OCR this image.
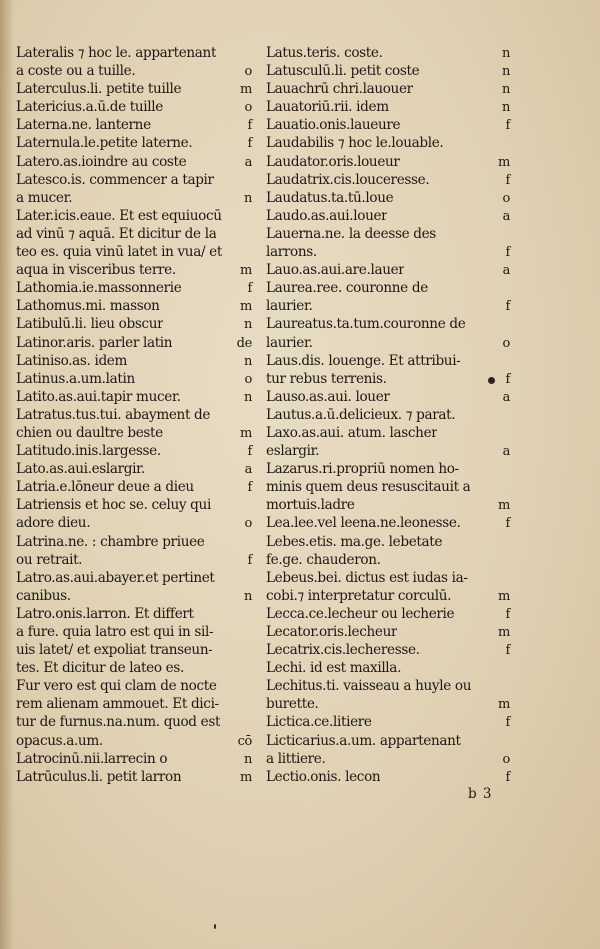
Lateralis ⁊ hoc le. appartenant
a coste ou a tuille.	o
Laterculus.li. petite tuille	m
Latericius.a.ū.de tuille	o
Laterna.ne. lanterne	f
Laternula.le.petite laterne.	f
Latero.as.ioindre au coste	a
Latesco.is. commencer a tapir
a mucer.	n
Later.icis.eaue. Et est equiuocū
ad vinū ⁊ aquā. Et dicitur de la
teo es. quia vinū latet in vua/ et
aqua in visceribus terre.	m
Lathomia.ie.massonnerie	f
Lathomus.mi. masson	m
Latibulū.li. lieu obscur	n
Latinor.aris. parler latin	de
Latiniso.as. idem	n
Latinus.a.um.latin	o
Latito.as.aui.tapir mucer.	n
Latratus.tus.tui. abayment de
chien ou daultre beste	m
Latitudo.inis.largesse.	f
Lato.as.aui.eslargir.	a
Latria.e.lōneur deue a dieu	f
Latriensis et hoc se. celuy qui
adore dieu.	o
Latrina.ne. : chambre priuee
ou retrait.	f
Latro.as.aui.abayer.et pertinet
canibus.	n
Latro.onis.larron. Et differt
a fure. quia latro est qui in sil-
uis latet/ et expoliat transeun-
tes. Et dicitur de lateo es.
Fur vero est qui clam de nocte
rem alienam ammouet. Et dici-
tur de furnus.na.num. quod est
opacus.a.um.	cō
Latrocinū.nii.larrecin o	n
Latrūculus.li. petit larron	m
Latus.teris. coste.	n
Latusculū.li. petit coste	n
Lauachrū chri.lauouer	n
Lauatoriū.rii. idem	n
Lauatio.onis.laueure	f
Laudabilis ⁊ hoc le.louable.
Laudator.oris.loueur	m
Laudatrix.cis.louceresse.	f
Laudatus.ta.tū.loue	o
Laudo.as.aui.louer	a
Lauerna.ne. la deesse des
larrons.	f
Lauo.as.aui.are.lauer	a
Laurea.ree. couronne de
laurier.	f
Laureatus.ta.tum.couronne de
laurier.	o
Laus.dis. louenge. Et attribui-
tur rebus terrenis.	f
Lauso.as.aui. louer	a
Lautus.a.ū.delicieux. ⁊ parat.
Laxo.as.aui. atum. lascher
eslargir.	a
Lazarus.ri.propriū nomen ho-
minis quem deus resuscitauit a
mortuis.ladre	m
Lea.lee.vel leena.ne.leonesse.	f
Lebes.etis. ma.ge. lebetate
fe.ge. chauderon.
Lebeus.bei. dictus est iudas ia-
cobi.⁊ interpretatur corculū.	m
Lecca.ce.lecheur ou lecherie	f
Lecator.oris.lecheur	m
Lecatrix.cis.lecheresse.	f
Lechi. id est maxilla.
Lechitus.ti. vaisseau a huyle ou
burette.	m
Lictica.ce.litiere	f
Licticarius.a.um. appartenant
a littiere.	o
Lectio.onis. lecon	f
b 3
